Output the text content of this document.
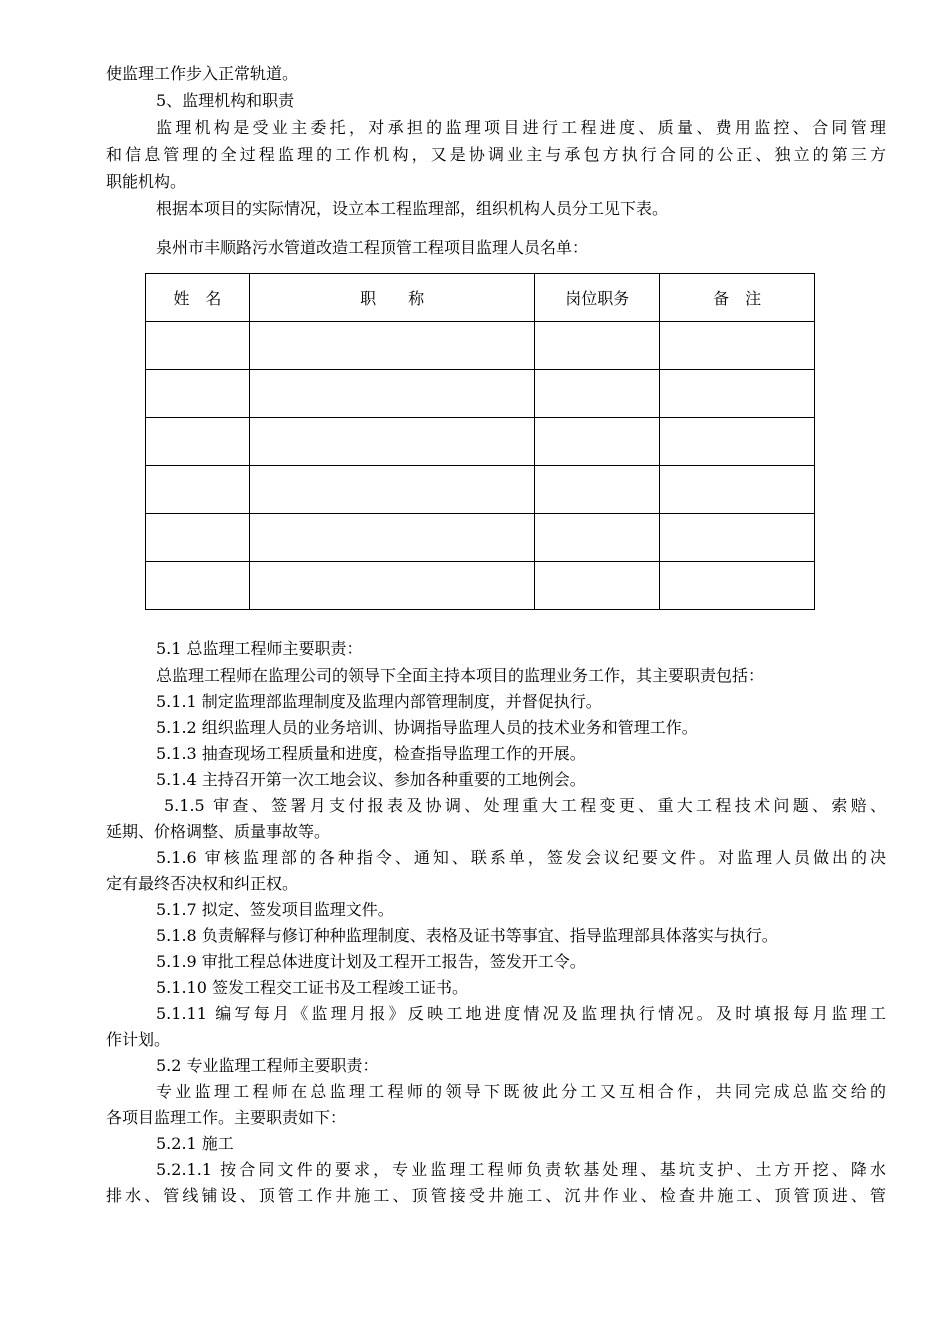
使监理工作步入正常轨道。
5、监理机构和职责
监理机构是受业主委托，对承担的监理项目进行工程进度、质量、费用监控、合同管理
和信息管理的全过程监理的工作机构，又是协调业主与承包方执行合同的公正、独立的第三方
职能机构。
根据本项目的实际情况，设立本工程监理部，组织机构人员分工见下表。
泉州市丰顺路污水管道改造工程顶管工程项目监理人员名单：
姓　名	职　　称	岗位职务	备　注

5.1 总监理工程师主要职责：
总监理工程师在监理公司的领导下全面主持本项目的监理业务工作，其主要职责包括：
5.1.1 制定监理部监理制度及监理内部管理制度，并督促执行。
5.1.2 组织监理人员的业务培训、协调指导监理人员的技术业务和管理工作。
5.1.3 抽查现场工程质量和进度，检查指导监理工作的开展。
5.1.4 主持召开第一次工地会议、参加各种重要的工地例会。
5.1.5 审查、签署月支付报表及协调、处理重大工程变更、重大工程技术问题、索赔、
延期、价格调整、质量事故等。
5.1.6 审核监理部的各种指令、通知、联系单，签发会议纪要文件。对监理人员做出的决
定有最终否决权和纠正权。
5.1.7 拟定、签发项目监理文件。
5.1.8 负责解释与修订种种监理制度、表格及证书等事宜、指导监理部具体落实与执行。
5.1.9 审批工程总体进度计划及工程开工报告，签发开工令。
5.1.10 签发工程交工证书及工程竣工证书。
5.1.11 编写每月《监理月报》反映工地进度情况及监理执行情况。及时填报每月监理工
作计划。
5.2 专业监理工程师主要职责：
专业监理工程师在总监理工程师的领导下既彼此分工又互相合作，共同完成总监交给的
各项目监理工作。主要职责如下：
5.2.1 施工
5.2.1.1 按合同文件的要求，专业监理工程师负责软基处理、基坑支护、土方开挖、降水
排水、管线铺设、顶管工作井施工、顶管接受井施工、沉井作业、检查井施工、顶管顶进、管
